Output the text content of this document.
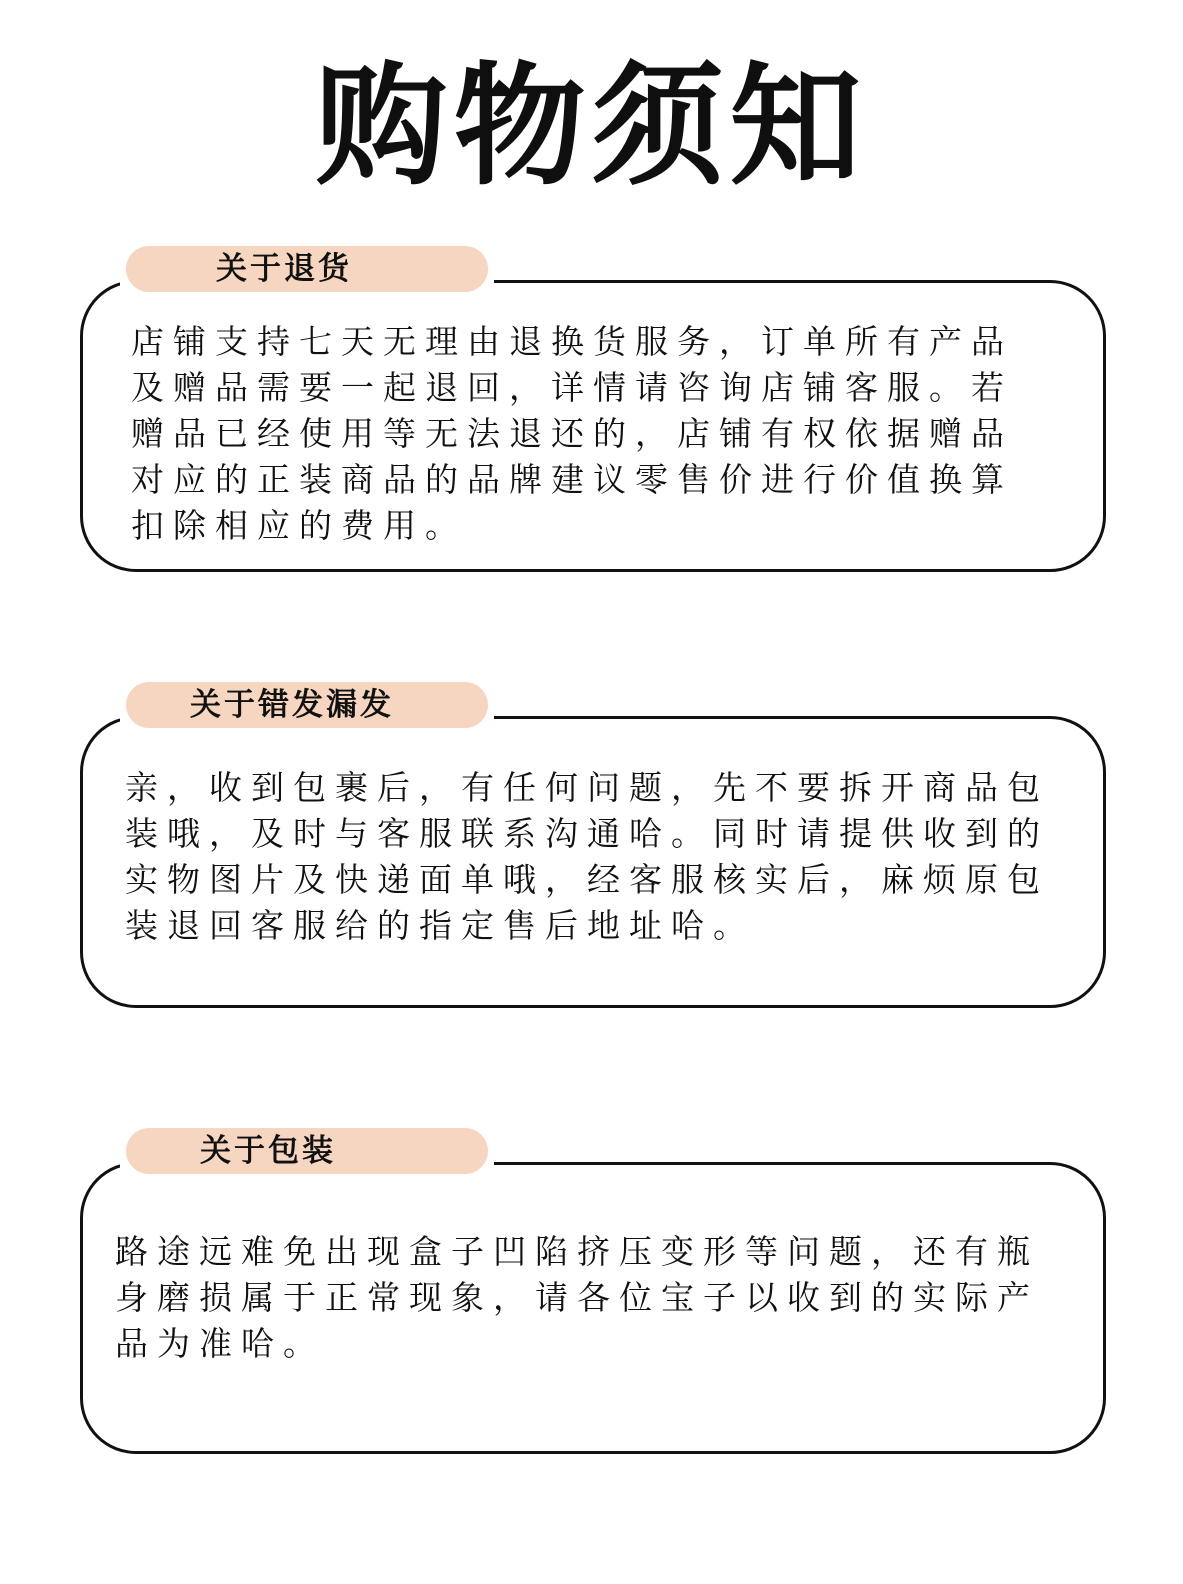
购物须知
关于退货

店铺支持七天无理由退换货服务，订单所有产品及赠品需要一起退回，详情请咨询店铺客服。若赠品已经使用等无法退还的，店铺有权依据赠品对应的正装商品的品牌建议零售价进行价值换算扣除相应的费用。

关于错发漏发

亲，收到包裹后，有任何问题，先不要拆开商品包装哦，及时与客服联系沟通哈。同时请提供收到的实物图片及快递面单哦，经客服核实后，麻烦原包装退回客服给的指定售后地址哈。

关于包装

路途远难免出现盒子凹陷挤压变形等问题，还有瓶身磨损属于正常现象，请各位宝子以收到的实际产品为准哈。
